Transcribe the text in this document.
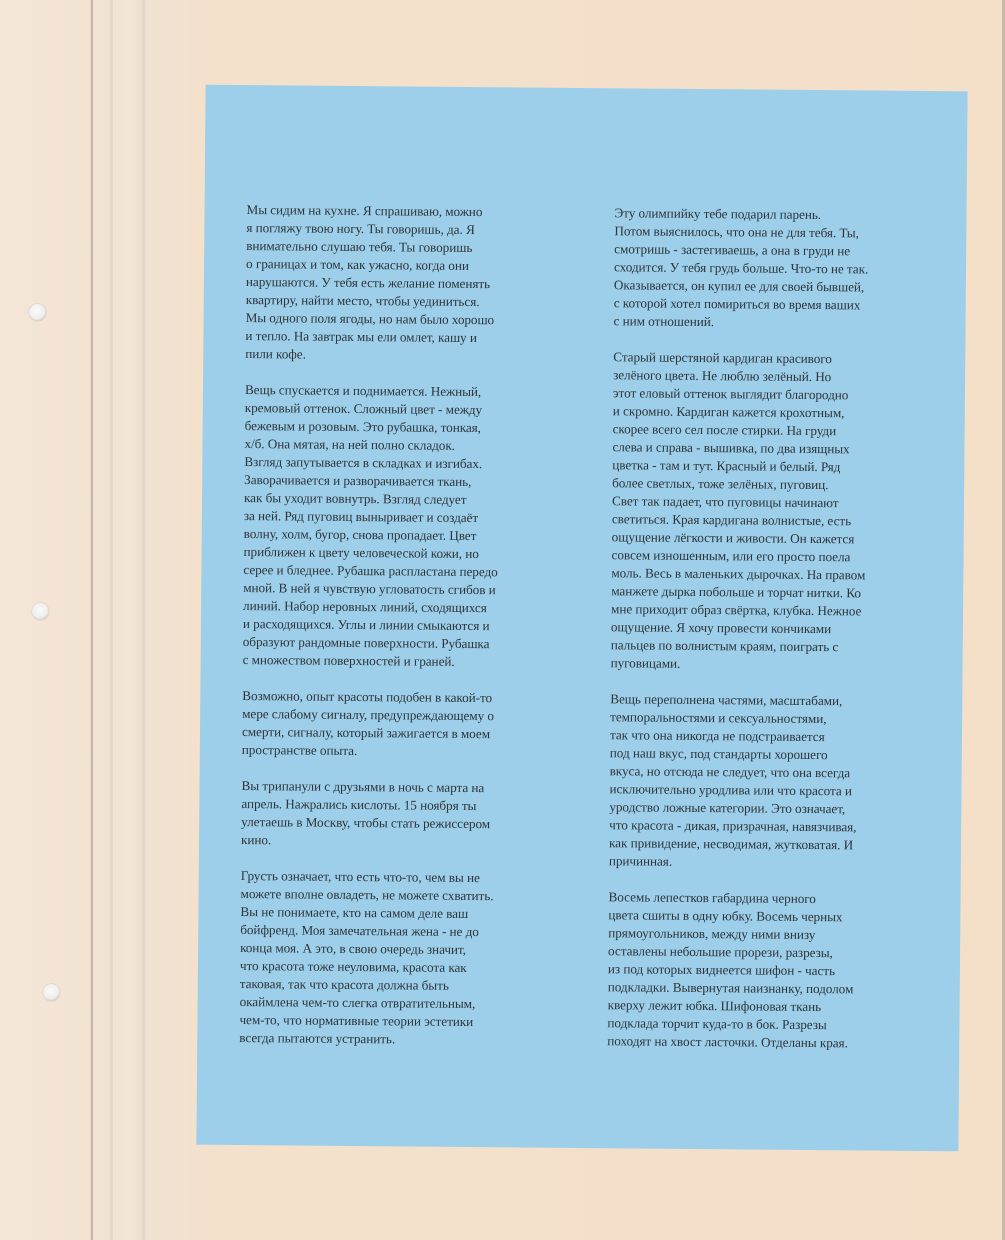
Мы сидим на кухне. Я спрашиваю, можно
я погляжу твою ногу. Ты говоришь, да. Я
внимательно слушаю тебя. Ты говоришь
о границах и том, как ужасно, когда они
нарушаются. У тебя есть желание поменять
квартиру, найти место, чтобы уединиться.
Мы одного поля ягоды, но нам было хорошо
и тепло. На завтрак мы ели омлет, кашу и
пили кофе.
Вещь спускается и поднимается. Нежный,
кремовый оттенок. Сложный цвет - между
бежевым и розовым. Это рубашка, тонкая,
х/б. Она мятая, на ней полно складок.
Взгляд запутывается в складках и изгибах.
Заворачивается и разворачивается ткань,
как бы уходит вовнутрь. Взгляд следует
за ней. Ряд пуговиц выныривает и создаёт
волну, холм, бугор, снова пропадает. Цвет
приближен к цвету человеческой кожи, но
серее и бледнее. Рубашка распластана передо
мной. В ней я чувствую угловатость сгибов и
линий. Набор неровных линий, сходящихся
и расходящихся. Углы и линии смыкаются и
образуют рандомные поверхности. Рубашка
с множеством поверхностей и граней.
Возможно, опыт красоты подобен в какой-то
мере слабому сигналу, предупреждающему о
смерти, сигналу, который зажигается в моем
пространстве опыта.
Вы трипанули с друзьями в ночь с марта на
апрель. Нажрались кислоты. 15 ноября ты
улетаешь в Москву, чтобы стать режиссером
кино.
Грусть означает, что есть что-то, чем вы не
можете вполне овладеть, не можете схватить.
Вы не понимаете, кто на самом деле ваш
бойфренд. Моя замечательная жена - не до
конца моя. А это, в свою очередь значит,
что красота тоже неуловима, красота как
таковая, так что красота должна быть
окаймлена чем-то слегка отвратительным,
чем-то, что нормативные теории эстетики
всегда пытаются устранить.
Эту олимпийку тебе подарил парень.
Потом выяснилось, что она не для тебя. Ты,
смотришь - застегиваешь, а она в груди не
сходится. У тебя грудь больше. Что-то не так.
Оказывается, он купил ее для своей бывшей,
с которой хотел помириться во время ваших
с ним отношений.
Старый шерстяной кардиган красивого
зелёного цвета. Не люблю зелёный. Но
этот еловый оттенок выглядит благородно
и скромно. Кардиган кажется крохотным,
скорее всего сел после стирки. На груди
слева и справа - вышивка, по два изящных
цветка - там и тут. Красный и белый. Ряд
более светлых, тоже зелёных, пуговиц.
Свет так падает, что пуговицы начинают
светиться. Края кардигана волнистые, есть
ощущение лёгкости и живости. Он кажется
совсем изношенным, или его просто поела
моль. Весь в маленьких дырочках. На правом
манжете дырка побольше и торчат нитки. Ко
мне приходит образ свёртка, клубка. Нежное
ощущение. Я хочу провести кончиками
пальцев по волнистым краям, поиграть с
пуговицами.
Вещь переполнена частями, масштабами,
темпоральностями и сексуальностями,
так что она никогда не подстраивается
под наш вкус, под стандарты хорошего
вкуса, но отсюда не следует, что она всегда
исключительно уродлива или что красота и
уродство ложные категории. Это означает,
что красота - дикая, призрачная, навязчивая,
как привидение, несводимая, жутковатая. И
причинная.
Восемь лепестков габардина черного
цвета сшиты в одну юбку. Восемь черных
прямоугольников, между ними внизу
оставлены небольшие прорези, разрезы,
из под которых виднеется шифон - часть
подкладки. Вывернутая наизнанку, подолом
кверху лежит юбка. Шифоновая ткань
подклада торчит куда-то в бок. Разрезы
походят на хвост ласточки. Отделаны края.
